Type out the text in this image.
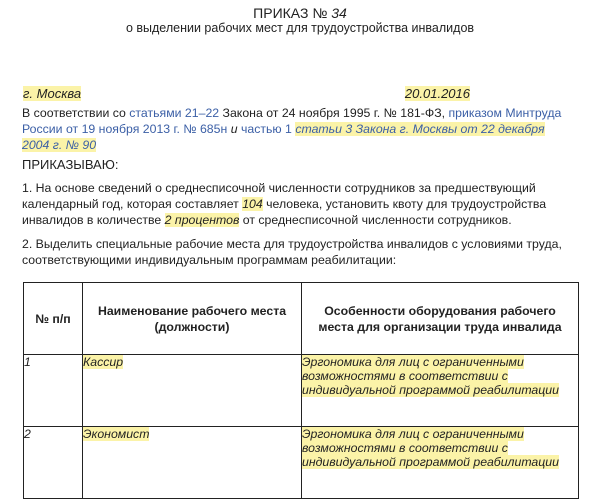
ПРИКАЗ № 34
о выделении рабочих мест для трудоустройства инвалидов
г. Москва	20.01.2016
В соответствии со статьями 21–22 Закона от 24 ноября 1995 г. № 181-ФЗ, приказом Минтруда России от 19 ноября 2013 г. № 685н и частью 1 статьи 3 Закона г. Москвы от 22 декабря 2004 г. № 90
ПРИКАЗЫВАЮ:
1. На основе сведений о среднесписочной численности сотрудников за предшествующий календарный год, которая составляет 104 человека, установить квоту для трудоустройства инвалидов в количестве 2 процентов от среднесписочной численности сотрудников.
2. Выделить специальные рабочие места для трудоустройства инвалидов с условиями труда, соответствующими индивидуальным программам реабилитации:
№ п/п	Наименование рабочего места (должности)	Особенности оборудования рабочего места для организации труда инвалида

1	Кассир	Эргономика для лиц с ограниченными возможностями в соответствии с индивидуальной программой реабилитации
2	Экономист	Эргономика для лиц с ограниченными возможностями в соответствии с индивидуальной программой реабилитации
